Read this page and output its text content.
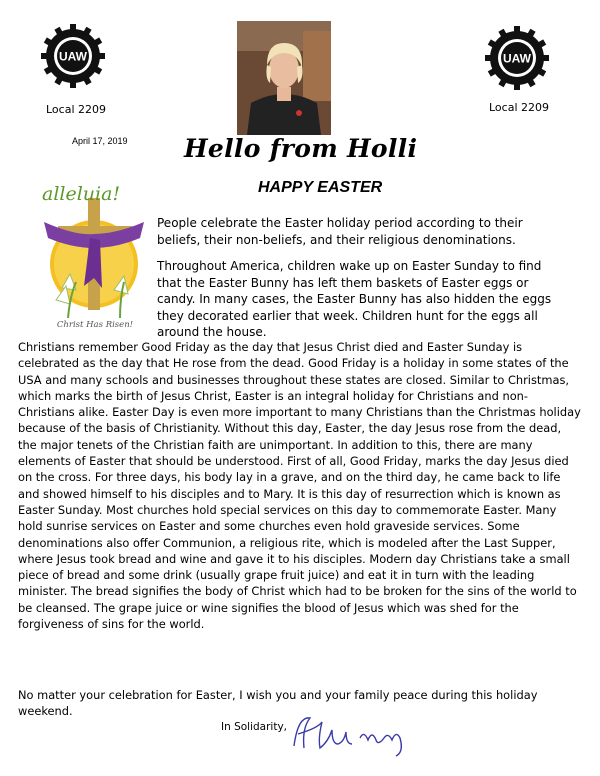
UAW	UAW
Local 2209	Local 2209
April 17, 2019 Hello from Holli
HAPPY EASTER
alleluia!
Christ Has Risen!

People celebrate the Easter holiday period according to their beliefs, their non-beliefs, and their religious denominations.

Throughout America, children wake up on Easter Sunday to find that the Easter Bunny has left them baskets of Easter eggs or candy. In many cases, the Easter Bunny has also hidden the eggs they decorated earlier that week. Children hunt for the eggs all around the house.

Christians remember Good Friday as the day that Jesus Christ died and Easter Sunday is celebrated as the day that He rose from the dead. Good Friday is a holiday in some states of the USA and many schools and businesses throughout these states are closed. Similar to Christmas, which marks the birth of Jesus Christ, Easter is an integral holiday for Christians and non-Christians alike. Easter Day is even more important to many Christians than the Christmas holiday because of the basis of Christianity. Without this day, Easter, the day Jesus rose from the dead, the major tenets of the Christian faith are unimportant. In addition to this, there are many elements of Easter that should be understood. First of all, Good Friday, marks the day Jesus died on the cross. For three days, his body lay in a grave, and on the third day, he came back to life and showed himself to his disciples and to Mary. It is this day of resurrection which is known as Easter Sunday. Most churches hold special services on this day to commemorate Easter. Many hold sunrise services on Easter and some churches even hold graveside services. Some denominations also offer Communion, a religious rite, which is modeled after the Last Supper, where Jesus took bread and wine and gave it to his disciples. Modern day Christians take a small piece of bread and some drink (usually grape fruit juice) and eat it in turn with the leading minister. The bread signifies the body of Christ which had to be broken for the sins of the world to be cleansed. The grape juice or wine signifies the blood of Jesus which was shed for the forgiveness of sins for the world.

No matter your celebration for Easter, I wish you and your family peace during this holiday weekend.

In Solidarity,
